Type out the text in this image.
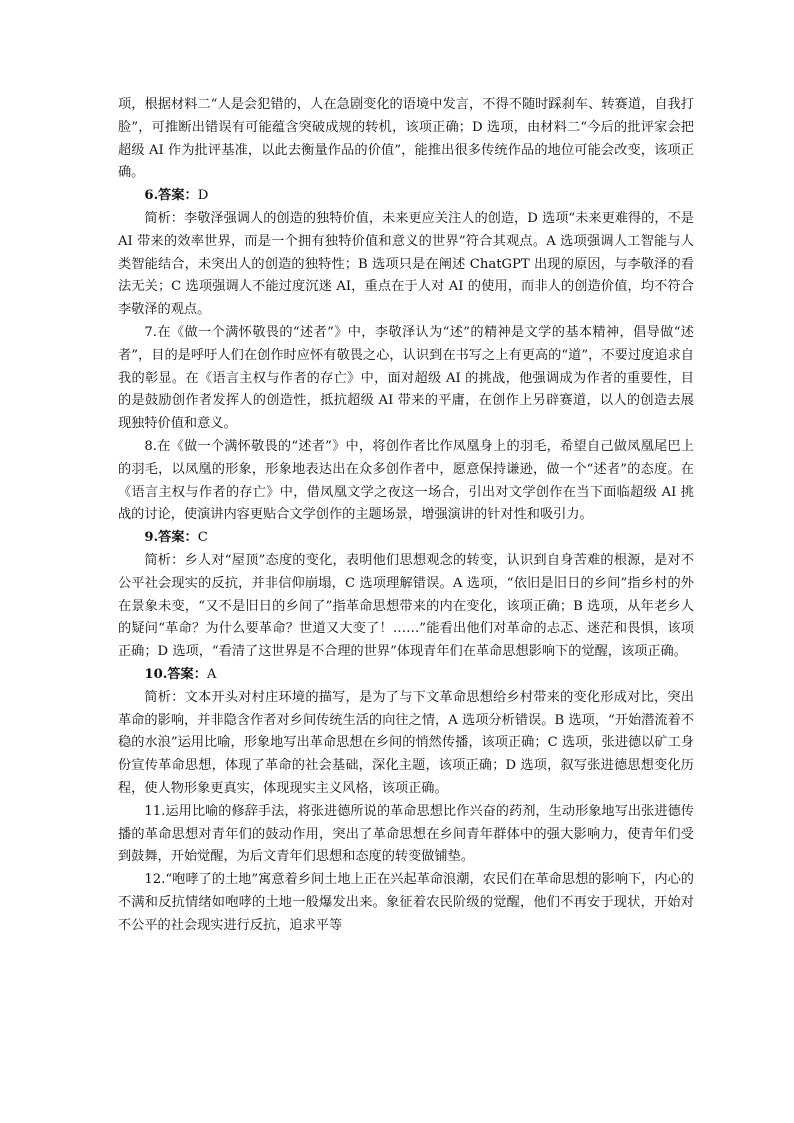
项，根据材料二“人是会犯错的，人在急剧变化的语境中发言，不得不随时踩刹车、转赛道，自我打脸”，可推断出错误有可能蕴含突破成规的转机，该项正确；D 选项，由材料二“今后的批评家会把超级 AI 作为批评基准，以此去衡量作品的价值”，能推出很多传统作品的地位可能会改变，该项正确。

6.答案：D

简析：李敬泽强调人的创造的独特价值，未来更应关注人的创造，D 选项“未来更难得的，不是 AI 带来的效率世界，而是一个拥有独特价值和意义的世界”符合其观点。A 选项强调人工智能与人类智能结合，未突出人的创造的独特性；B 选项只是在阐述 ChatGPT 出现的原因，与李敬泽的看法无关；C 选项强调人不能过度沉迷 AI，重点在于人对 AI 的使用，而非人的创造价值，均不符合李敬泽的观点。

7.在《做一个满怀敬畏的“述者”》中，李敬泽认为“述”的精神是文学的基本精神，倡导做“述者”，目的是呼吁人们在创作时应怀有敬畏之心，认识到在书写之上有更高的“道”，不要过度追求自我的彰显。在《语言主权与作者的存亡》中，面对超级 AI 的挑战，他强调成为作者的重要性，目的是鼓励创作者发挥人的创造性，抵抗超级 AI 带来的平庸，在创作上另辟赛道，以人的创造去展现独特价值和意义。

8.在《做一个满怀敬畏的“述者”》中，将创作者比作凤凰身上的羽毛，希望自己做凤凰尾巴上的羽毛，以凤凰的形象，形象地表达出在众多创作者中，愿意保持谦逊，做一个“述者”的态度。在《语言主权与作者的存亡》中，借凤凰文学之夜这一场合，引出对文学创作在当下面临超级 AI 挑战的讨论，使演讲内容更贴合文学创作的主题场景，增强演讲的针对性和吸引力。

9.答案：C

简析：乡人对“屋顶”态度的变化，表明他们思想观念的转变，认识到自身苦难的根源，是对不公平社会现实的反抗，并非信仰崩塌，C 选项理解错误。A 选项，“依旧是旧日的乡间”指乡村的外在景象未变，“又不是旧日的乡间了”指革命思想带来的内在变化，该项正确；B 选项，从年老乡人的疑问“革命？为什么要革命？世道又大变了！……”能看出他们对革命的忐忑、迷茫和畏惧，该项正确；D 选项，“看清了这世界是不合理的世界”体现青年们在革命思想影响下的觉醒，该项正确。

10.答案：A

简析：文本开头对村庄环境的描写，是为了与下文革命思想给乡村带来的变化形成对比，突出革命的影响，并非隐含作者对乡间传统生活的向往之情，A 选项分析错误。B 选项，“开始潜流着不稳的水浪”运用比喻，形象地写出革命思想在乡间的悄然传播，该项正确；C 选项，张进德以矿工身份宣传革命思想，体现了革命的社会基础，深化主题，该项正确；D 选项，叙写张进德思想变化历程，使人物形象更真实，体现现实主义风格，该项正确。

11.运用比喻的修辞手法，将张进德所说的革命思想比作兴奋的药剂，生动形象地写出张进德传播的革命思想对青年们的鼓动作用，突出了革命思想在乡间青年群体中的强大影响力，使青年们受到鼓舞，开始觉醒，为后文青年们思想和态度的转变做铺垫。

12.“咆哮了的土地”寓意着乡间土地上正在兴起革命浪潮，农民们在革命思想的影响下，内心的不满和反抗情绪如咆哮的土地一般爆发出来。象征着农民阶级的觉醒，他们不再安于现状，开始对不公平的社会现实进行反抗，追求平等
